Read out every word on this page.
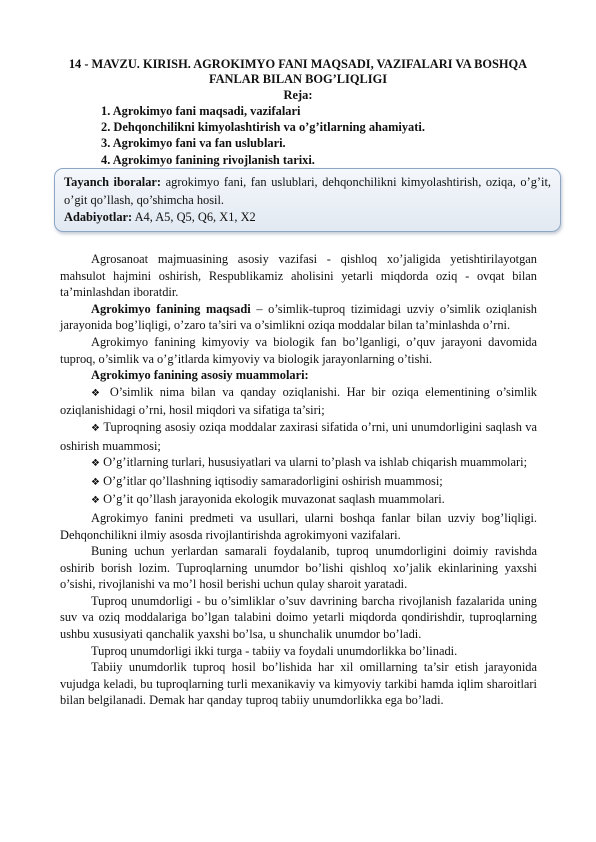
14 - MAVZU. KIRISH. AGROKIMYO FANI MAQSADI, VAZIFALARI VA BOSHQA FANLAR BILAN BOG’LIQLIGI
Reja:
1. Agrokimyo fani maqsadi, vazifalari
2. Dehqonchilikni kimyolashtirish va o’g’itlarning ahamiyati.
3. Agrokimyo fani va fan uslublari.
4. Agrokimyo fanining rivojlanish tarixi.

Tayanch iboralar: agrokimyo fani, fan uslublari, dehqonchilikni kimyolashtirish, oziqa, o’g’it, o’git qo’llash, qo’shimcha hosil.

Adabiyotlar: A4, A5, Q5, Q6, X1, X2

Agrosanoat majmuasining asosiy vazifasi - qishloq xo’jaligida yetishtirilayotgan mahsulot hajmini oshirish, Respublikamiz aholisini yetarli miqdorda oziq - ovqat bilan ta’minlashdan iboratdir.

Agrokimyo fanining maqsadi – o’simlik-tuproq tizimidagi uzviy o’simlik oziqlanish jarayonida bog’liqligi, o’zaro ta’siri va o’simlikni oziqa moddalar bilan ta’minlashda o’rni.

Agrokimyo fanining kimyoviy va biologik fan bo’lganligi, o’quv jarayoni davomida tuproq, o’simlik va o’g’itlarda kimyoviy va biologik jarayonlarning o’tishi.

Agrokimyo fanining asosiy muammolari:

❖ O’simlik nima bilan va qanday oziqlanishi. Har bir oziqa elementining o’simlik oziqlanishidagi o’rni, hosil miqdori va sifatiga ta’siri;

❖ Tuproqning asosiy oziqa moddalar zaxirasi sifatida o’rni, uni unumdorligini saqlash va oshirish muammosi;

❖ O’g’itlarning turlari, hususiyatlari va ularni to’plash va ishlab chiqarish muammolari;

❖ O’g’itlar qo’llashning iqtisodiy samaradorligini oshirish muammosi;

❖ O’g’it qo’llash jarayonida ekologik muvazonat saqlash muammolari.

Agrokimyo fanini predmeti va usullari, ularni boshqa fanlar bilan uzviy bog’liqligi. Dehqonchilikni ilmiy asosda rivojlantirishda agrokimyoni vazifalari.

Buning uchun yerlardan samarali foydalanib, tuproq unumdorligini doimiy ravishda oshirib borish lozim. Tuproqlarning unumdor bo’lishi qishloq xo’jalik ekinlarining yaxshi o’sishi, rivojlanishi va mo’l hosil berishi uchun qulay sharoit yaratadi.

Tuproq unumdorligi - bu o’simliklar o’suv davrining barcha rivojlanish fazalarida uning suv va oziq moddalariga bo’lgan talabini doimo yetarli miqdorda qondirishdir, tuproqlarning ushbu xususiyati qanchalik yaxshi bo’lsa, u shunchalik unumdor bo’ladi.

Tuproq unumdorligi ikki turga - tabiiy va foydali unumdorlikka bo’linadi.

Tabiiy unumdorlik tuproq hosil bo’lishida har xil omillarning ta’sir etish jarayonida vujudga keladi, bu tuproqlarning turli mexanikaviy va kimyoviy tarkibi hamda iqlim sharoitlari bilan belgilanadi. Demak har qanday tuproq tabiiy unumdorlikka ega bo’ladi.
